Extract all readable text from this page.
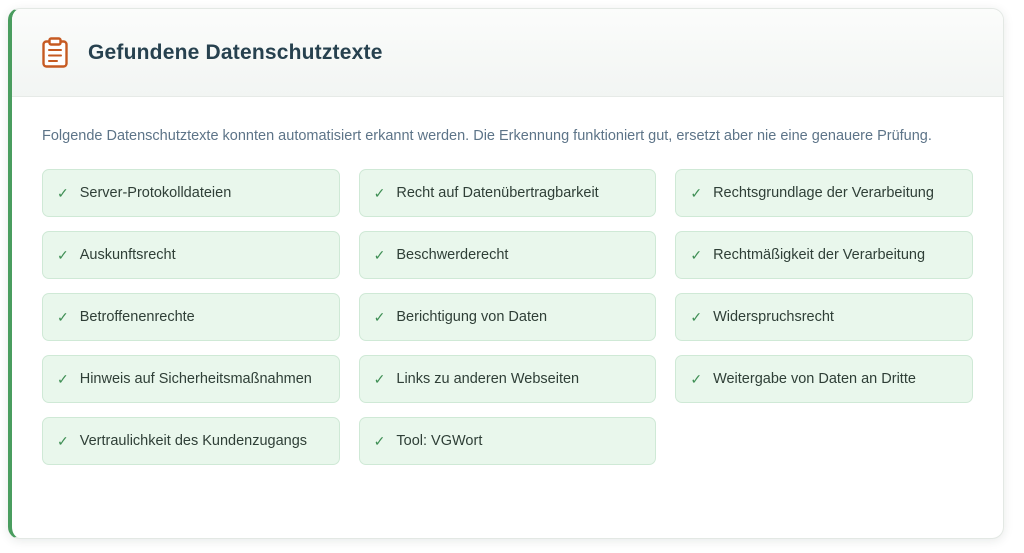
Gefundene Datenschutztexte

Folgende Datenschutztexte konnten automatisiert erkannt werden. Die Erkennung funktioniert gut, ersetzt aber nie eine genauere Prüfung.

✓ Server-Protokolldateien	✓ Recht auf Datenübertragbarkeit	✓ Rechtsgrundlage der Verarbeitung
✓ Auskunftsrecht	✓ Beschwerderecht	✓ Rechtmäßigkeit der Verarbeitung
✓ Betroffenenrechte	✓ Berichtigung von Daten	✓ Widerspruchsrecht
✓ Hinweis auf Sicherheitsmaßnahmen	✓ Links zu anderen Webseiten	✓ Weitergabe von Daten an Dritte
✓ Vertraulichkeit des Kundenzugangs	✓ Tool: VGWort
